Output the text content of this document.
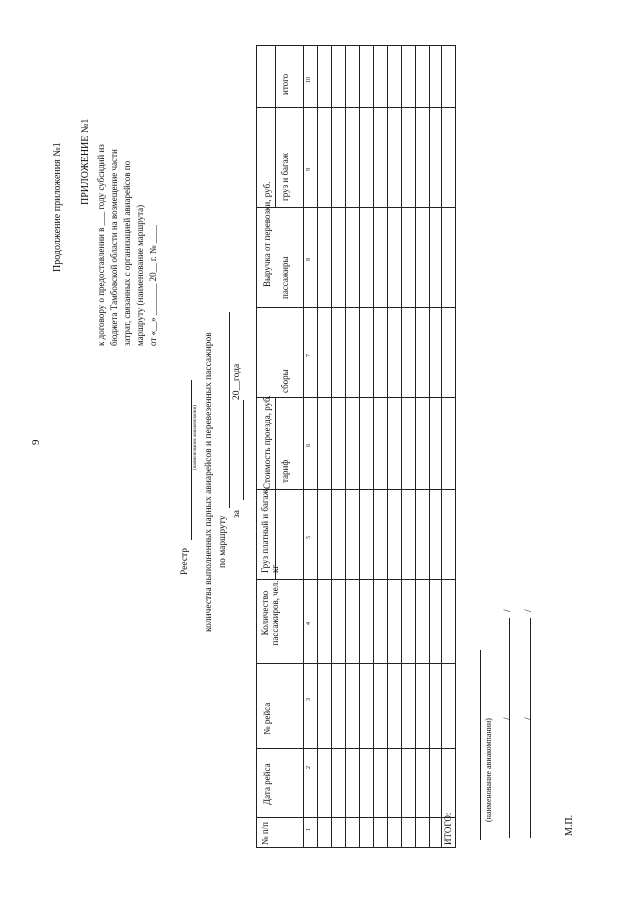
9
Продолжение приложения №1 ПРИЛОЖЕНИЕ №1 к договору о предоставлении в ___ году субсидий из бюджета Тамбовской области на возмещение части затрат, связанных с организацией авиарейсов по маршруту (наименование маршрута) от «__» _______ 20__ г. № ____
Реестр
(наименование авиакомпании) количества выполненных парных авиарейсов и перевезенных пассажиров по маршруту
за
20__года
№ п/п
Дата рейса
№ рейса
Количество пассажиров, чел.
Груз платный и багаж, кг
Стоимость проезда, руб. тариф
сборы
Выручка от перевозки, руб. пассажиры
груз и багаж
итого
1
2
3
4
5
6
7
8
9
10
ИТОГО:
(наименование авиакомпании) /
/
/
/
М.П.
